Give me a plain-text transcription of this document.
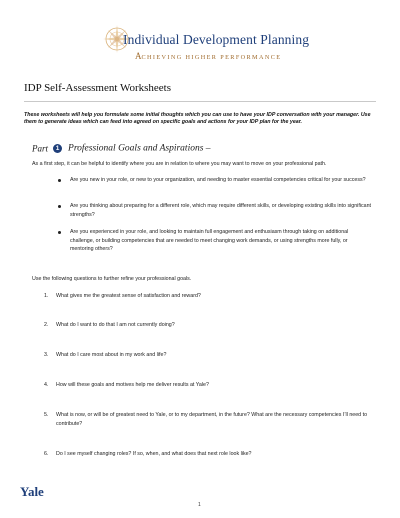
Individual Development Planning
ACHIEVING HIGHER PERFORMANCE
IDP Self-Assessment Worksheets
These worksheets will help you formulate some initial thoughts which you can use to have your IDP conversation with your manager. Use them to generate ideas which can feed into agreed on specific goals and actions for your IDP plan for the year.
Part 1 Professional Goals and Aspirations –
As a first step, it can be helpful to identify where you are in relation to where you may want to move on your professional path.
Are you new in your role, or new to your organization, and needing to master essential competencies critical for your success?
Are you thinking about preparing for a different role, which may require different skills, or developing existing skills into significant strengths?
Are you experienced in your role, and looking to maintain full engagement and enthusiasm through taking on additional challenge, or building competencies that are needed to meet changing work demands, or using strengths more fully, or mentoring others?
Use the following questions to further refine your professional goals.
1.	What gives me the greatest sense of satisfaction and reward?
2.	What do I want to do that I am not currently doing?
3.	What do I care most about in my work and life?
4.	How will these goals and motives help me deliver results at Yale?
5.	What is now, or will be of greatest need to Yale, or to my department, in the future? What are the necessary competencies I’ll need to contribute?
6.	Do I see myself changing roles? If so, when, and what does that next role look like?
Yale
1
